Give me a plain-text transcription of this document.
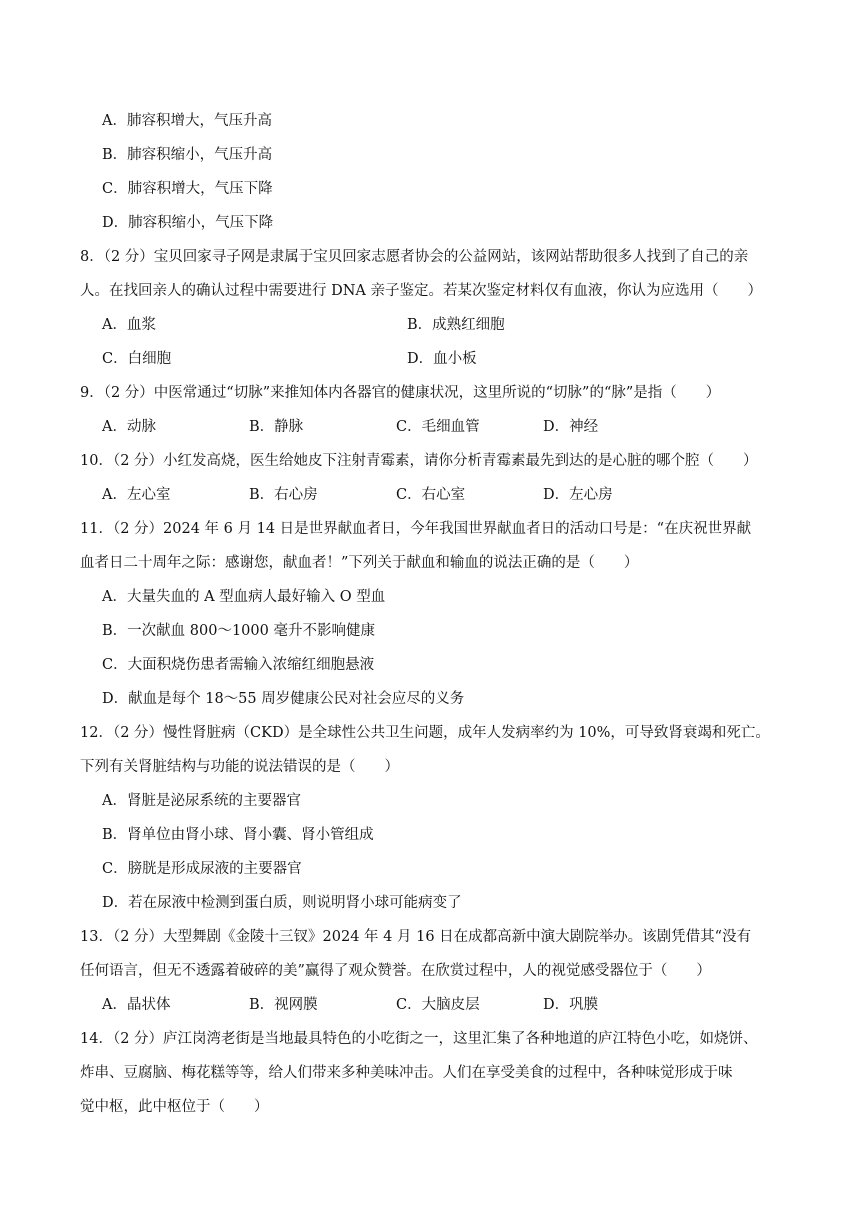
A．肺容积增大，气压升高
B．肺容积缩小，气压升高
C．肺容积增大，气压下降
D．肺容积缩小，气压下降
8．（2 分）宝贝回家寻子网是隶属于宝贝回家志愿者协会的公益网站，该网站帮助很多人找到了自己的亲
人。在找回亲人的确认过程中需要进行 DNA 亲子鉴定。若某次鉴定材料仅有血液，你认为应选用（　　）
A．血浆	B．成熟红细胞
C．白细胞	D．血小板
9．（2 分）中医常通过“切脉”来推知体内各器官的健康状况，这里所说的“切脉”的“脉”是指（　　）
A．动脉	B．静脉	C．毛细血管	D．神经
10．（2 分）小红发高烧，医生给她皮下注射青霉素，请你分析青霉素最先到达的是心脏的哪个腔（　　）
A．左心室	B．右心房	C．右心室	D．左心房
11．（2 分）2024 年 6 月 14 日是世界献血者日，今年我国世界献血者日的活动口号是：“在庆祝世界献
血者日二十周年之际：感谢您，献血者！”下列关于献血和输血的说法正确的是（　　）
A．大量失血的 A 型血病人最好输入 O 型血
B．一次献血 800～1000 毫升不影响健康
C．大面积烧伤患者需输入浓缩红细胞悬液
D．献血是每个 18～55 周岁健康公民对社会应尽的义务
12．（2 分）慢性肾脏病（CKD）是全球性公共卫生问题，成年人发病率约为 10%，可导致肾衰竭和死亡。
下列有关肾脏结构与功能的说法错误的是（　　）
A．肾脏是泌尿系统的主要器官
B．肾单位由肾小球、肾小囊、肾小管组成
C．膀胱是形成尿液的主要器官
D．若在尿液中检测到蛋白质，则说明肾小球可能病变了
13．（2 分）大型舞剧《金陵十三钗》2024 年 4 月 16 日在成都高新中演大剧院举办。该剧凭借其“没有
任何语言，但无不透露着破碎的美”赢得了观众赞誉。在欣赏过程中，人的视觉感受器位于（　　）
A．晶状体	B．视网膜	C．大脑皮层	D．巩膜
14．（2 分）庐江岗湾老街是当地最具特色的小吃街之一，这里汇集了各种地道的庐江特色小吃，如烧饼、
炸串、豆腐脑、梅花糕等等，给人们带来多种美味冲击。人们在享受美食的过程中，各种味觉形成于味
觉中枢，此中枢位于（　　）
